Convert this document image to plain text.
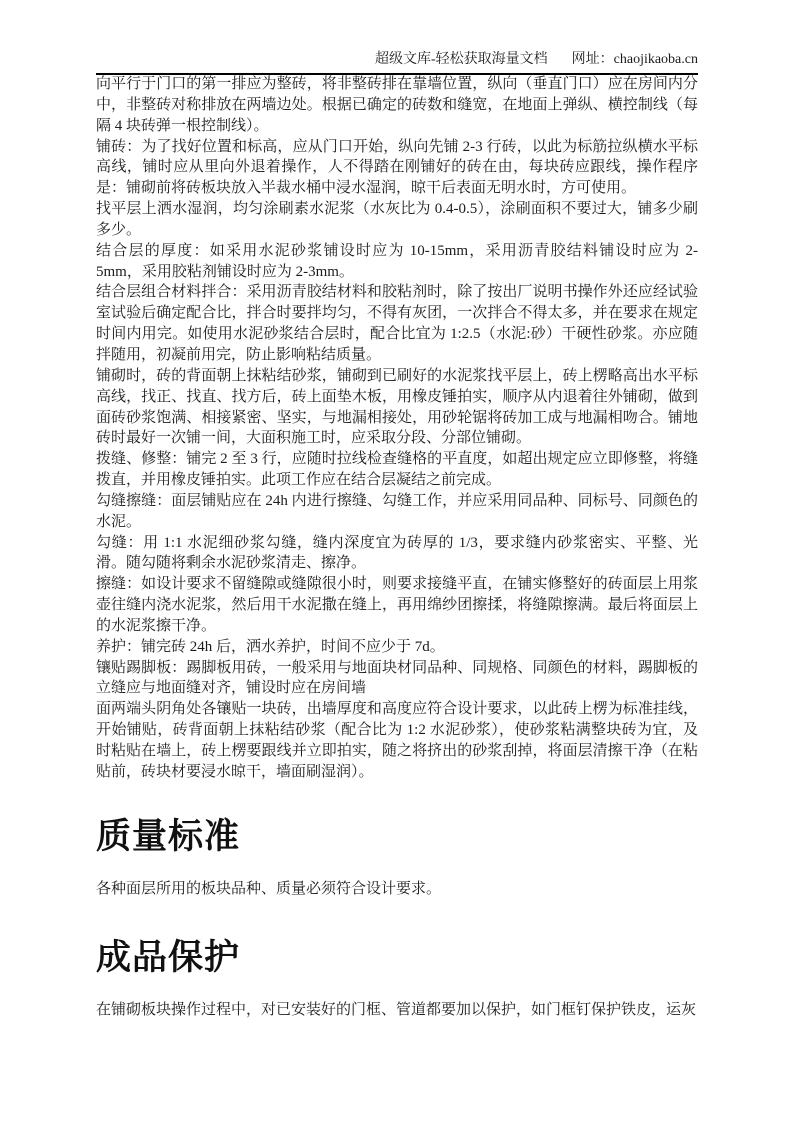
超级文库-轻松获取海量文档 网址：chaojikaoba.cn

向平行于门口的第一排应为整砖，将非整砖排在靠墙位置，纵向（垂直门口）应在房间内分中，非整砖对称排放在两墙边处。根据已确定的砖数和缝宽，在地面上弹纵、横控制线（每隔 4 块砖弹一根控制线）。

铺砖：为了找好位置和标高，应从门口开始，纵向先铺 2-3 行砖，以此为标筋拉纵横水平标高线，铺时应从里向外退着操作，人不得踏在刚铺好的砖在由，每块砖应跟线，操作程序是：铺砌前将砖板块放入半裁水桶中浸水湿润，晾干后表面无明水时，方可使用。

找平层上洒水湿润，均匀涂刷素水泥浆（水灰比为 0.4-0.5），涂刷面积不要过大，铺多少刷多少。

结合层的厚度：如采用水泥砂浆铺设时应为 10-15mm，采用沥青胶结料铺设时应为 2-5mm，采用胶粘剂铺设时应为 2-3mm。

结合层组合材料拌合：采用沥青胶结材料和胶粘剂时，除了按出厂说明书操作外还应经试验室试验后确定配合比，拌合时要拌均匀，不得有灰团，一次拌合不得太多，并在要求在规定时间内用完。如使用水泥砂浆结合层时，配合比宜为 1:2.5（水泥:砂）干硬性砂浆。亦应随拌随用，初凝前用完，防止影响粘结质量。

铺砌时，砖的背面朝上抹粘结砂浆，铺砌到已刷好的水泥浆找平层上，砖上楞略高出水平标高线，找正、找直、找方后，砖上面垫木板，用橡皮锤拍实，顺序从内退着往外铺砌，做到面砖砂浆饱满、相接紧密、坚实，与地漏相接处，用砂轮锯将砖加工成与地漏相吻合。铺地砖时最好一次铺一间，大面积施工时，应采取分段、分部位铺砌。

拨缝、修整：铺完 2 至 3 行，应随时拉线检查缝格的平直度，如超出规定应立即修整，将缝拨直，并用橡皮锤拍实。此项工作应在结合层凝结之前完成。

勾缝擦缝：面层铺贴应在 24h 内进行擦缝、勾缝工作，并应采用同品种、同标号、同颜色的水泥。

勾缝：用 1:1 水泥细砂浆勾缝，缝内深度宜为砖厚的 1/3，要求缝内砂浆密实、平整、光滑。随勾随将剩余水泥砂浆清走、擦净。

擦缝：如设计要求不留缝隙或缝隙很小时，则要求接缝平直，在铺实修整好的砖面层上用浆壶往缝内浇水泥浆，然后用干水泥撒在缝上，再用绵纱团擦揉，将缝隙擦满。最后将面层上的水泥浆擦干净。

养护：铺完砖 24h 后，洒水养护，时间不应少于 7d。

镶贴踢脚板：踢脚板用砖，一般采用与地面块材同品种、同规格、同颜色的材料，踢脚板的立缝应与地面缝对齐，铺设时应在房间墙

面两端头阴角处各镶贴一块砖，出墙厚度和高度应符合设计要求，以此砖上楞为标准挂线，开始铺贴，砖背面朝上抹粘结砂浆（配合比为 1:2 水泥砂浆），使砂浆粘满整块砖为宜，及时粘贴在墙上，砖上楞要跟线并立即拍实，随之将挤出的砂浆刮掉，将面层清擦干净（在粘贴前，砖块材要浸水晾干，墙面刷湿润）。

质量标准

各种面层所用的板块品种、质量必须符合设计要求。

成品保护

在铺砌板块操作过程中，对已安装好的门框、管道都要加以保护，如门框钉保护铁皮，运灰
